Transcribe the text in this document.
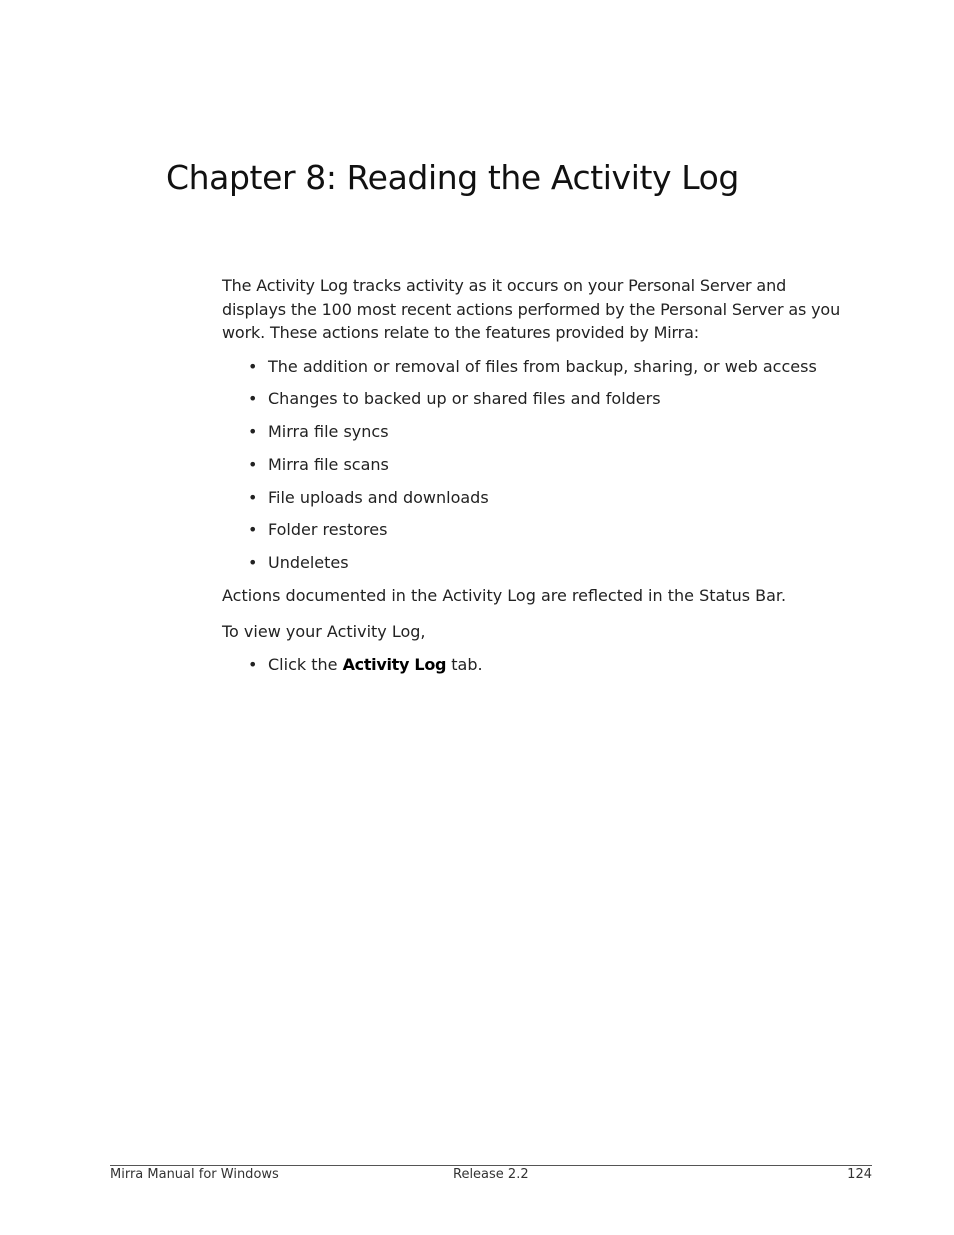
Chapter 8: Reading the Activity Log

The Activity Log tracks activity as it occurs on your Personal Server and displays the 100 most recent actions performed by the Personal Server as you work. These actions relate to the features provided by Mirra:

• The addition or removal of files from backup, sharing, or web access
• Changes to backed up or shared files and folders
• Mirra file syncs
• Mirra file scans
• File uploads and downloads
• Folder restores
• Undeletes

Actions documented in the Activity Log are reflected in the Status Bar.

To view your Activity Log,

• Click the Activity Log tab.
Mirra Manual for Windows	Release 2.2	124
